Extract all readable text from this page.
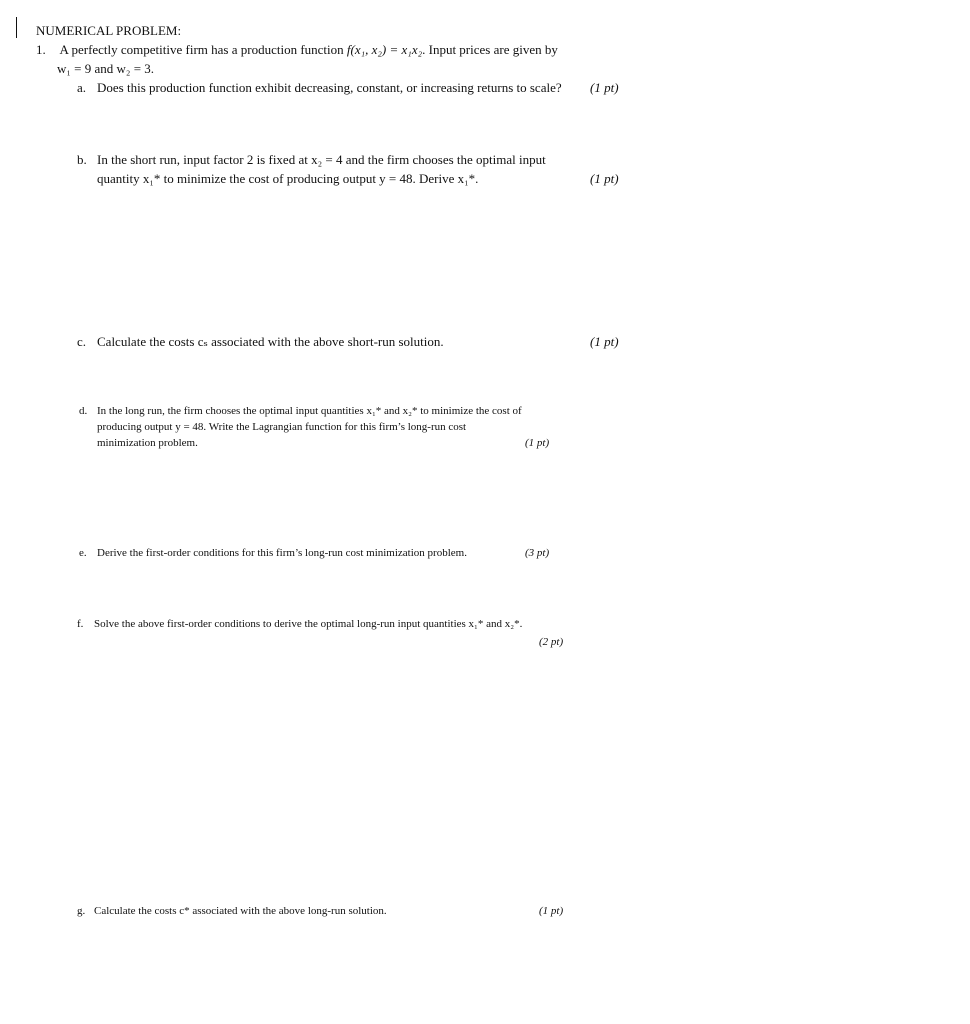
NUMERICAL PROBLEM:
1. A perfectly competitive firm has a production function f(x₁, x₂) = x₁x₂. Input prices are given by
w₁ = 9 and w₂ = 3.
a. Does this production function exhibit decreasing, constant, or increasing returns to scale? (1 pt)
b. In the short run, input factor 2 is fixed at x₂ = 4 and the firm chooses the optimal input
quantity x₁* to minimize the cost of producing output y = 48. Derive x₁*.	(1 pt)
c. Calculate the costs cₛ associated with the above short-run solution.	(1 pt)
d. In the long run, the firm chooses the optimal input quantities x₁* and x₂* to minimize the cost of
producing output y = 48. Write the Lagrangian function for this firm’s long-run cost
minimization problem.	(1 pt)
e. Derive the first-order conditions for this firm’s long-run cost minimization problem.	(3 pt)
f. Solve the above first-order conditions to derive the optimal long-run input quantities x₁* and x₂*.
(2 pt)
g. Calculate the costs c* associated with the above long-run solution.	(1 pt)
